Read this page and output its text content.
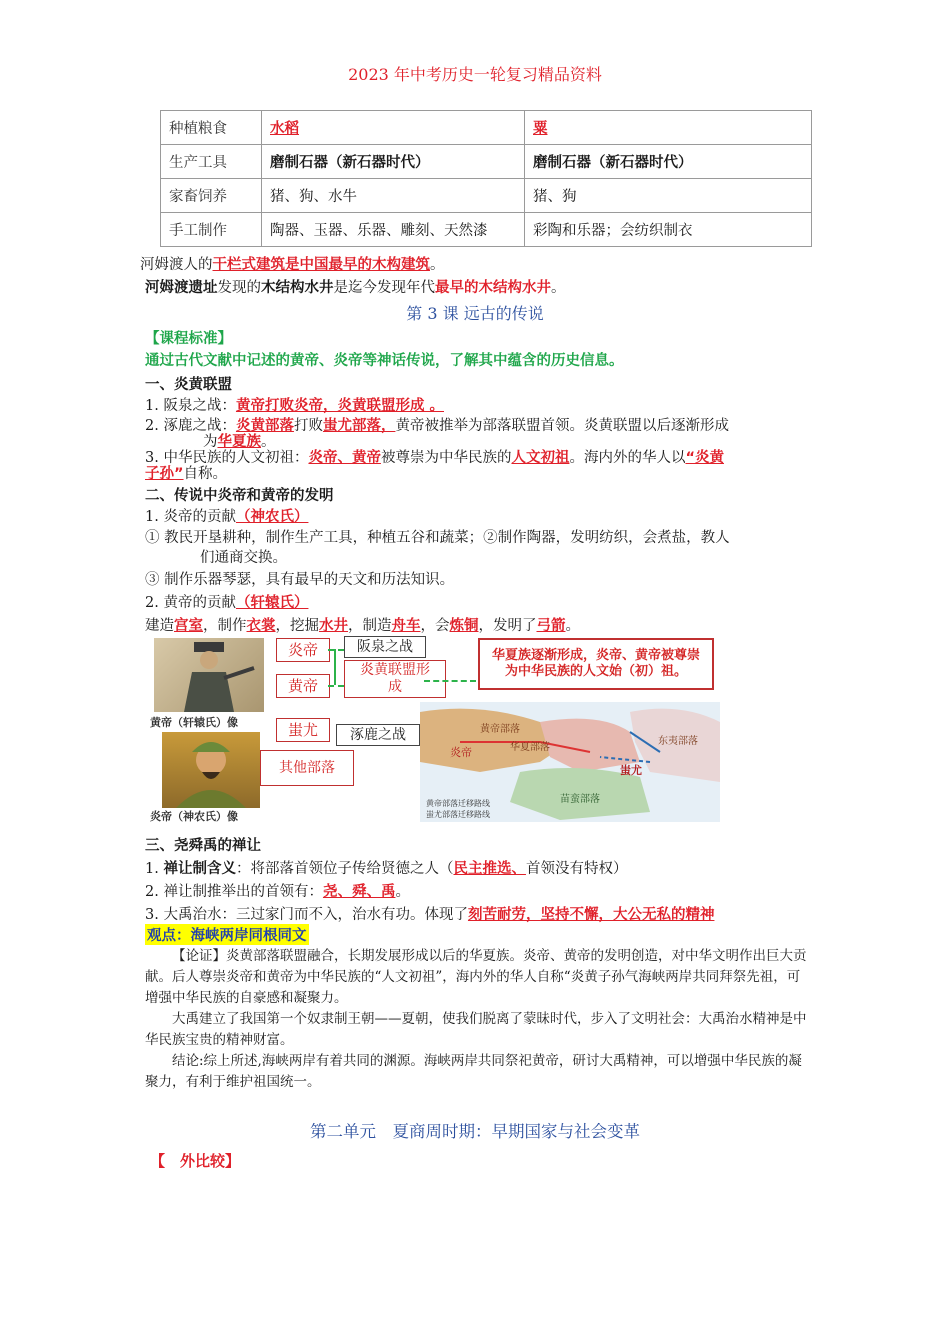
2023 年中考历史一轮复习精品资料
种植粮食	水稻	粟
生产工具	磨制石器（新石器时代）	磨制石器（新石器时代）
家畜饲养	猪、狗、水牛	猪、狗
手工制作	陶器、玉器、乐器、雕刻、天然漆	彩陶和乐器；会纺织制衣
河姆渡人的干栏式建筑是中国最早的木构建筑。
河姆渡遗址发现的木结构水井是迄今发现年代最早的木结构水井。
第 3 课 远古的传说
【课程标准】
通过古代文献中记述的黄帝、炎帝等神话传说，了解其中蕴含的历史信息。
一、炎黄联盟
1. 阪泉之战：黄帝打败炎帝，炎黄联盟形成 。
2. 涿鹿之战：炎黄部落打败蚩尤部落，黄帝被推举为部落联盟首领。炎黄联盟以后逐渐形成
为华夏族。
3. 中华民族的人文初祖：炎帝、黄帝被尊崇为中华民族的人文初祖。海内外的华人以“炎黄
子孙”自称。
二、传说中炎帝和黄帝的发明
1. 炎帝的贡献（神农氏）
① 教民开垦耕种，制作生产工具，种植五谷和蔬菜；②制作陶器，发明纺织，会煮盐，教人
们通商交换。
③ 制作乐器琴瑟，具有最早的天文和历法知识。
2. 黄帝的贡献（轩辕氏）
建造宫室，制作衣裳，挖掘水井，制造舟车，会炼铜，发明了弓箭。
黄帝（轩辕氏）像
炎帝（神农氏）像
炎帝
黄帝
蚩尤
其他部落
阪泉之战
炎黄联盟形成
涿鹿之战
华夏族逐渐形成，炎帝、黄帝被尊崇为中华民族的人文始（初）祖。
黄帝部落
华夏部落
炎帝
东夷部落
蚩尤
苗蛮部落
黄帝部落迁移路线
蚩尤部落迁移路线
三、尧舜禹的禅让
1. 禅让制含义：将部落首领位子传给贤德之人（民主推选、首领没有特权）
2. 禅让制推举出的首领有：尧、舜、禹。
3. 大禹治水：三过家门而不入，治水有功。体现了刻苦耐劳，坚持不懈，大公无私的精神
观点：海峡两岸同根同文
【论证】炎黄部落联盟融合，长期发展形成以后的华夏族。炎帝、黄帝的发明创造，对中华文明作出巨大贡献。后人尊崇炎帝和黄帝为中华民族的“人文初祖”，海内外的华人自称“炎黄子孙气海峡两岸共同拜祭先祖，可增强中华民族的自豪感和凝聚力。
大禹建立了我国第一个奴隶制王朝——夏朝，使我们脱离了蒙昧时代，步入了文明社会：大禹治水精神是中华民族宝贵的精神财富。
结论:综上所述,海峡两岸有着共同的渊源。海峡两岸共同祭祀黄帝，研讨大禹精神，可以增强中华民族的凝聚力，有利于维护祖国统一。
第二单元　夏商周时期：早期国家与社会变革
【　外比较】
